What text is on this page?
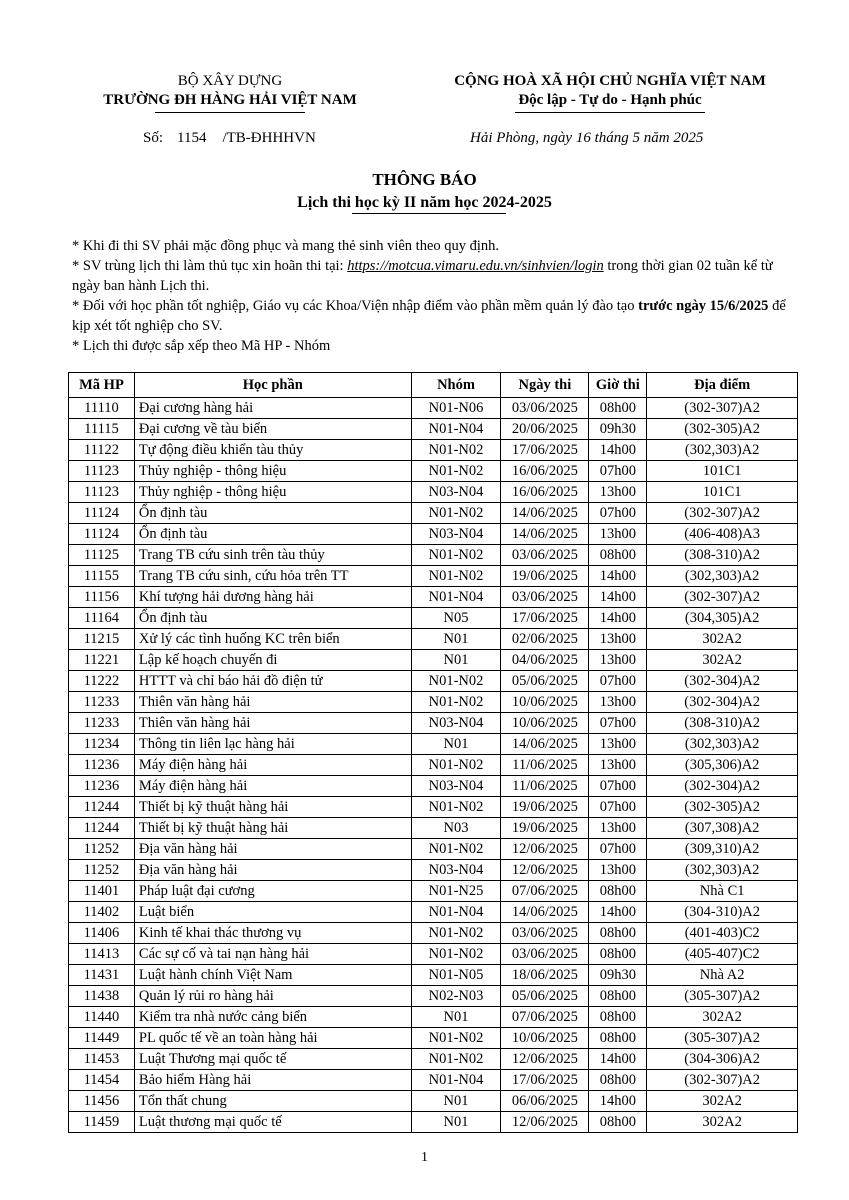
BỘ XÂY DỰNG
TRƯỜNG ĐH HÀNG HẢI VIỆT NAM
CỘNG HOÀ XÃ HỘI CHỦ NGHĨA VIỆT NAM
Độc lập - Tự do - Hạnh phúc
Số: 1154 /TB-ĐHHHVN	Hải Phòng, ngày 16 tháng 5 năm 2025
THÔNG BÁO
Lịch thi học kỳ II năm học 2024-2025

* Khi đi thi SV phải mặc đồng phục và mang thẻ sinh viên theo quy định.

* SV trùng lịch thi làm thủ tục xin hoãn thi tại: https://motcua.vimaru.edu.vn/sinhvien/login trong thời gian 02 tuần kể từ ngày ban hành Lịch thi.

* Đối với học phần tốt nghiệp, Giáo vụ các Khoa/Viện nhập điểm vào phần mềm quản lý đào tạo trước ngày 15/6/2025 để kịp xét tốt nghiệp cho SV.

* Lịch thi được sắp xếp theo Mã HP - Nhóm

Mã HP	Học phần	Nhóm	Ngày thi	Giờ thi	Địa điểm
11110	Đại cương hàng hải	N01-N06	03/06/2025	08h00	(302-307)A2
11115	Đại cương về tàu biển	N01-N04	20/06/2025	09h30	(302-305)A2
11122	Tự động điều khiển tàu thủy	N01-N02	17/06/2025	14h00	(302,303)A2
11123	Thủy nghiệp - thông hiệu	N01-N02	16/06/2025	07h00	101C1
11123	Thủy nghiệp - thông hiệu	N03-N04	16/06/2025	13h00	101C1
11124	Ổn định tàu	N01-N02	14/06/2025	07h00	(302-307)A2
11124	Ổn định tàu	N03-N04	14/06/2025	13h00	(406-408)A3
11125	Trang TB cứu sinh trên tàu thủy	N01-N02	03/06/2025	08h00	(308-310)A2
11155	Trang TB cứu sinh, cứu hỏa trên TT	N01-N02	19/06/2025	14h00	(302,303)A2
11156	Khí tượng hải dương hàng hải	N01-N04	03/06/2025	14h00	(302-307)A2
11164	Ổn định tàu	N05	17/06/2025	14h00	(304,305)A2
11215	Xử lý các tình huống KC trên biển	N01	02/06/2025	13h00	302A2
11221	Lập kế hoạch chuyến đi	N01	04/06/2025	13h00	302A2
11222	HTTT và chỉ báo hải đồ điện tử	N01-N02	05/06/2025	07h00	(302-304)A2
11233	Thiên văn hàng hải	N01-N02	10/06/2025	13h00	(302-304)A2
11233	Thiên văn hàng hải	N03-N04	10/06/2025	07h00	(308-310)A2
11234	Thông tin liên lạc hàng hải	N01	14/06/2025	13h00	(302,303)A2
11236	Máy điện hàng hải	N01-N02	11/06/2025	13h00	(305,306)A2
11236	Máy điện hàng hải	N03-N04	11/06/2025	07h00	(302-304)A2
11244	Thiết bị kỹ thuật hàng hải	N01-N02	19/06/2025	07h00	(302-305)A2
11244	Thiết bị kỹ thuật hàng hải	N03	19/06/2025	13h00	(307,308)A2
11252	Địa văn hàng hải	N01-N02	12/06/2025	07h00	(309,310)A2
11252	Địa văn hàng hải	N03-N04	12/06/2025	13h00	(302,303)A2
11401	Pháp luật đại cương	N01-N25	07/06/2025	08h00	Nhà C1
11402	Luật biển	N01-N04	14/06/2025	14h00	(304-310)A2
11406	Kinh tế khai thác thương vụ	N01-N02	03/06/2025	08h00	(401-403)C2
11413	Các sự cố và tai nạn hàng hải	N01-N02	03/06/2025	08h00	(405-407)C2
11431	Luật hành chính Việt Nam	N01-N05	18/06/2025	09h30	Nhà A2
11438	Quản lý rủi ro hàng hải	N02-N03	05/06/2025	08h00	(305-307)A2
11440	Kiểm tra nhà nước cảng biển	N01	07/06/2025	08h00	302A2
11449	PL quốc tế về an toàn hàng hải	N01-N02	10/06/2025	08h00	(305-307)A2
11453	Luật Thương mại quốc tế	N01-N02	12/06/2025	14h00	(304-306)A2
11454	Bảo hiểm Hàng hải	N01-N04	17/06/2025	08h00	(302-307)A2
11456	Tổn thất chung	N01	06/06/2025	14h00	302A2
11459	Luật thương mại quốc tế	N01	12/06/2025	08h00	302A2
1
